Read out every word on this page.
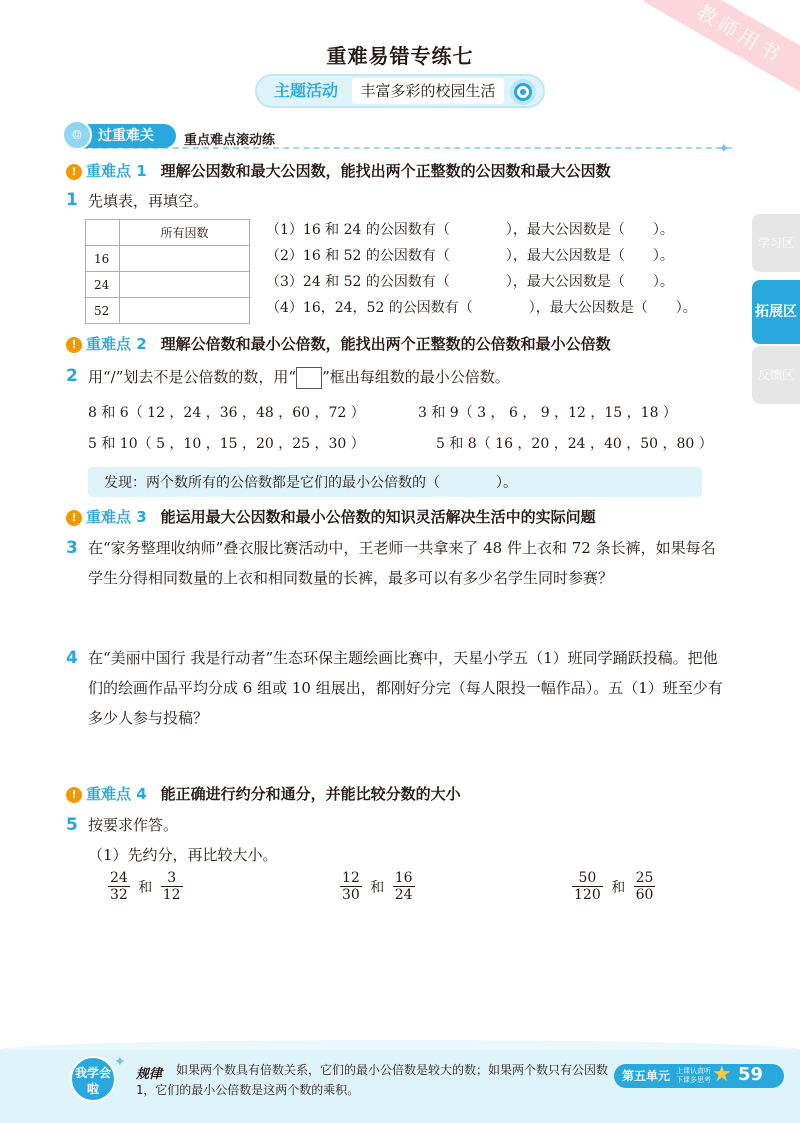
教师用书
重难易错专练七
主题活动	丰富多彩的校园生活
过重难关
☺	重点难点滚动练
✦
! 重难点 1 理解公因数和最大公因数，能找出两个正整数的公因数和最大公因数
1 先填表，再填空。
	所有因数
16	
24	
52	
（1）16 和 24 的公因数有（　　　　），最大公因数是（　　）。
（2）16 和 52 的公因数有（　　　　），最大公因数是（　　）。
（3）24 和 52 的公因数有（　　　　），最大公因数是（　　）。
（4）16，24，52 的公因数有（　　　　），最大公因数是（　　）。
! 重难点 2 理解公倍数和最小公倍数，能找出两个正整数的公倍数和最小公倍数
2 用“/”划去不是公倍数的数，用“ ”框出每组数的最小公倍数。
8 和 6（ 12 ，24 ，36 ，48 ，60 ，72 ）	3 和 9（ 3 ， 6 ， 9 ，12 ，15 ，18 ）
5 和 10（ 5 ，10 ，15 ，20 ，25 ，30 ）	5 和 8（ 16 ，20 ，24 ，40 ，50 ，80 ）
发现：两个数所有的公倍数都是它们的最小公倍数的（　　　　）。
! 重难点 3 能运用最大公因数和最小公倍数的知识灵活解决生活中的实际问题
3 在“家务整理收纳师”叠衣服比赛活动中，王老师一共拿来了 48 件上衣和 72 条长裤，如果每名学生分得相同数量的上衣和相同数量的长裤，最多可以有多少名学生同时参赛？
4 在“美丽中国行 我是行动者”生态环保主题绘画比赛中，天星小学五（1）班同学踊跃投稿。把他们的绘画作品平均分成 6 组或 10 组展出，都刚好分完（每人限投一幅作品）。五（1）班至少有多少人参与投稿？
! 重难点 4 能正确进行约分和通分，并能比较分数的大小
5 按要求作答。
（1）先约分，再比较大小。
$\frac{24}{32}$ 和 $\frac{3}{12}$	$\frac{12}{30}$ 和 $\frac{16}{24}$	$\frac{50}{120}$ 和 $\frac{25}{60}$
学习区
拓展区
反馈区
我学会啦
✦
规律	如果两个数具有倍数关系，它们的最小公倍数是较大的数；如果两个数只有公因数 1，它们的最小公倍数是这两个数的乘积。
第五单元 上课认真听
下课多思考 ★ 59
